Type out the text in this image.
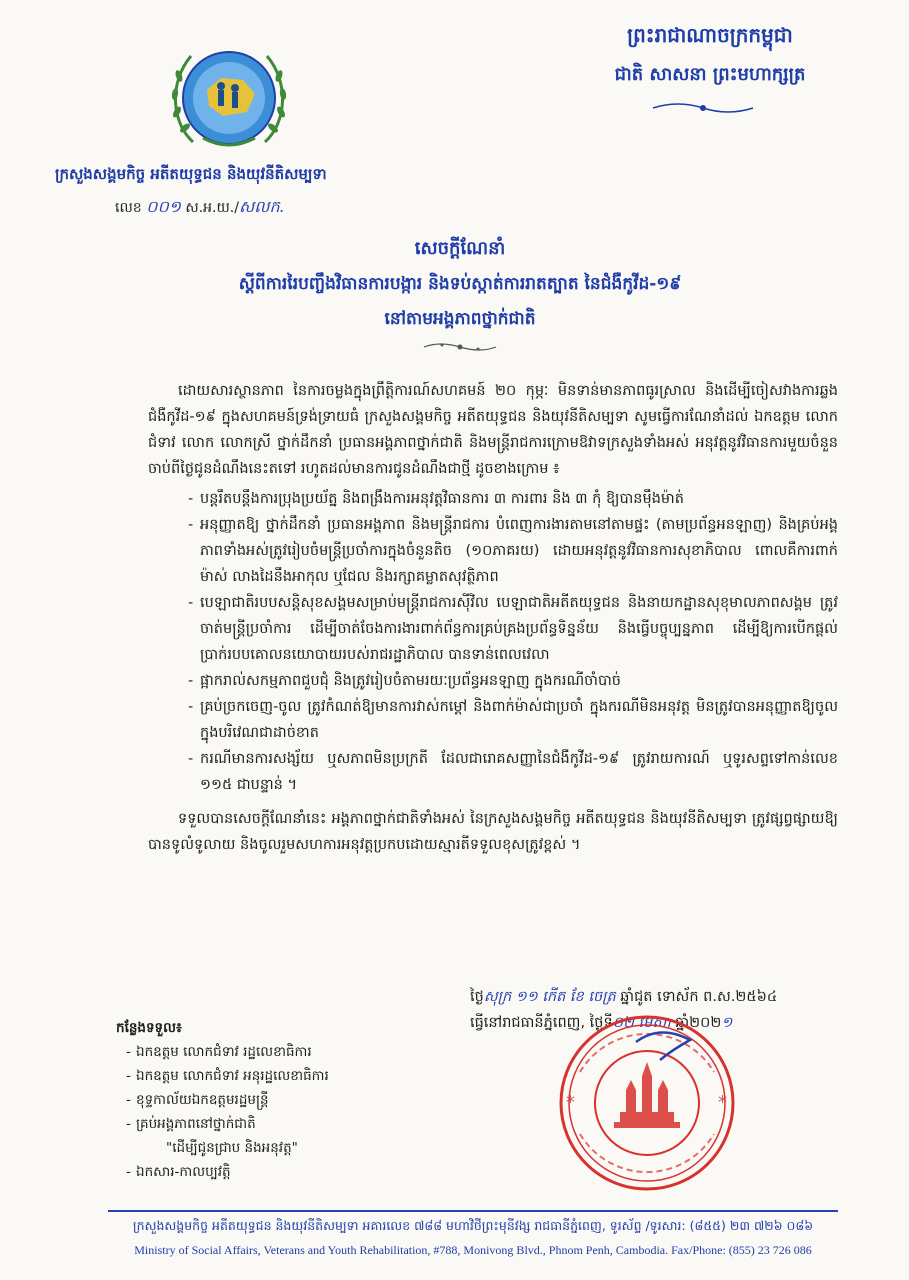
ក្រសួងសង្គមកិច្ច អតីតយុទ្ធជន និងយុវនីតិសម្បទា
លេខ ០០១ ស.អ.យ./សលក.
ព្រះរាជាណាចក្រកម្ពុជា
ជាតិ សាសនា ព្រះមហាក្សត្រ
សេចក្តីណែនាំ
ស្តីពីការរៃបញ្ចឹងវិធានការបង្ការ និងទប់ស្កាត់ការរាតត្បាត នៃជំងឺកូវីដ-១៩
នៅតាមអង្គភាពថ្នាក់ជាតិ

ដោយសារស្ថានភាព នៃការចម្លងក្នុងព្រឹត្តិការណ៍សហគមន៍ ២០ កុម្ភៈ មិនទាន់មានភាពធូរស្រាល និងដើម្បីចៀសវាងការឆ្លងជំងឺកូវីដ-១៩ ក្នុងសហគមន៍ទ្រង់ទ្រាយធំ ក្រសួងសង្គមកិច្ច អតីតយុទ្ធជន និងយុវនីតិសម្បទា សូមធ្វើការណែនាំដល់ ឯកឧត្តម លោកជំទាវ លោក លោកស្រី ថ្នាក់ដឹកនាំ ប្រធានអង្គភាពថ្នាក់ជាតិ និងមន្ត្រីរាជការក្រោមឱវាទក្រសួងទាំងអស់ អនុវត្តនូវវិធានការមួយចំនួន ចាប់ពីថ្ងៃជូនដំណឹងនេះតទៅ រហូតដល់មានការជូនដំណឹងជាថ្មី ដូចខាងក្រោម ៖

- បន្តរឹតបន្តឹងការប្រុងប្រយ័ត្ន និងពង្រឹងការអនុវត្តវិធានការ ៣ ការពារ និង ៣ កុំ ឱ្យបានម៉ឹងម៉ាត់
- អនុញ្ញាតឱ្យ ថ្នាក់ដឹកនាំ ប្រធានអង្គភាព និងមន្ត្រីរាជការ បំពេញការងារតាមនៅតាមផ្ទះ (តាមប្រព័ន្ធអនឡាញ) និងគ្រប់អង្គភាពទាំងអស់ត្រូវរៀបចំមន្ត្រីប្រចាំការក្នុងចំនួនតិច (១០ភាគរយ) ដោយអនុវត្តនូវវិធានការសុខាភិបាល ពោលគឺការពាក់ម៉ាស់ លាងដៃនឹងអាកុល ឬជែល និងរក្សាគម្លាតសុវត្ថិភាព
- បេឡាជាតិរបបសន្តិសុខសង្គមសម្រាប់មន្ត្រីរាជការស៊ីវិល បេឡាជាតិអតីតយុទ្ធជន និងនាយកដ្ឋានសុខុមាលភាពសង្គម ត្រូវចាត់មន្ត្រីប្រចាំការ ដើម្បីចាត់ចែងការងារពាក់ព័ន្ធការគ្រប់គ្រងប្រព័ន្ធទិន្នន័យ និងធ្វើបច្ចុប្បន្នភាព ដើម្បីឱ្យការបើកផ្តល់ប្រាក់របបគោលនយោបាយរបស់រាជរដ្ឋាភិបាល បានទាន់ពេលវេលា
- ផ្អាករាល់សកម្មភាពជួបជុំ និងត្រូវរៀបចំតាមរយៈប្រព័ន្ធអនឡាញ ក្នុងករណីចាំបាច់
- គ្រប់ច្រកចេញ-ចូល ត្រូវកំណត់ឱ្យមានការវាស់កម្ដៅ និងពាក់ម៉ាស់ជាប្រចាំ ក្នុងករណីមិនអនុវត្ត មិនត្រូវបានអនុញ្ញាតឱ្យចូលក្នុងបរិវេណជាដាច់ខាត
- ករណីមានការសង្ស័យ ឬសភាពមិនប្រក្រតី ដែលជារោគសញ្ញានៃជំងឺកូវីដ-១៩ ត្រូវរាយការណ៍ ឬទូរសព្ទទៅកាន់លេខ ១១៥ ជាបន្ទាន់ ។

ទទួលបានសេចក្តីណែនាំនេះ អង្គភាពថ្នាក់ជាតិទាំងអស់ នៃក្រសួងសង្គមកិច្ច អតីតយុទ្ធជន និងយុវនីតិសម្បទា ត្រូវផ្សព្វផ្សាយឱ្យបានទូលំទូលាយ និងចូលរួមសហការអនុវត្តប្រកបដោយស្មារតីទទួលខុសត្រូវខ្ពស់ ។

ថ្ងៃសុក្រ ១១ កើត ខែ ចេត្រ ឆ្នាំជូត ទោស័ក ព.ស.២៥៦៤
ធ្វើនៅរាជធានីភ្នំពេញ, ថ្ងៃទី០២ មេសា ឆ្នាំ២០២១
*	*
កន្លែងទទួល៖
- ឯកឧត្តម លោកជំទាវ រដ្ឋលេខាធិការ
- ឯកឧត្តម លោកជំទាវ អនុរដ្ឋលេខាធិការ
- ខុទ្ទកាល័យឯកឧត្តមរដ្ឋមន្ត្រី
- គ្រប់អង្គភាពនៅថ្នាក់ជាតិ
"ដើម្បីជូនជ្រាប និងអនុវត្ត"
- ឯកសារ-កាលប្បវត្តិ
ក្រសួងសង្គមកិច្ច អតីតយុទ្ធជន និងយុវនីតិសម្បទា អគារលេខ ៧៨៨ មហាវិថីព្រះមុនីវង្ស រាជធានីភ្នំពេញ, ទូរស័ព្ទ /ទូរសារ: (៨៥៥) ២៣ ៧២៦ ០៨៦
Ministry of Social Affairs, Veterans and Youth Rehabilitation, #788, Monivong Blvd., Phnom Penh, Cambodia. Fax/Phone: (855) 23 726 086
